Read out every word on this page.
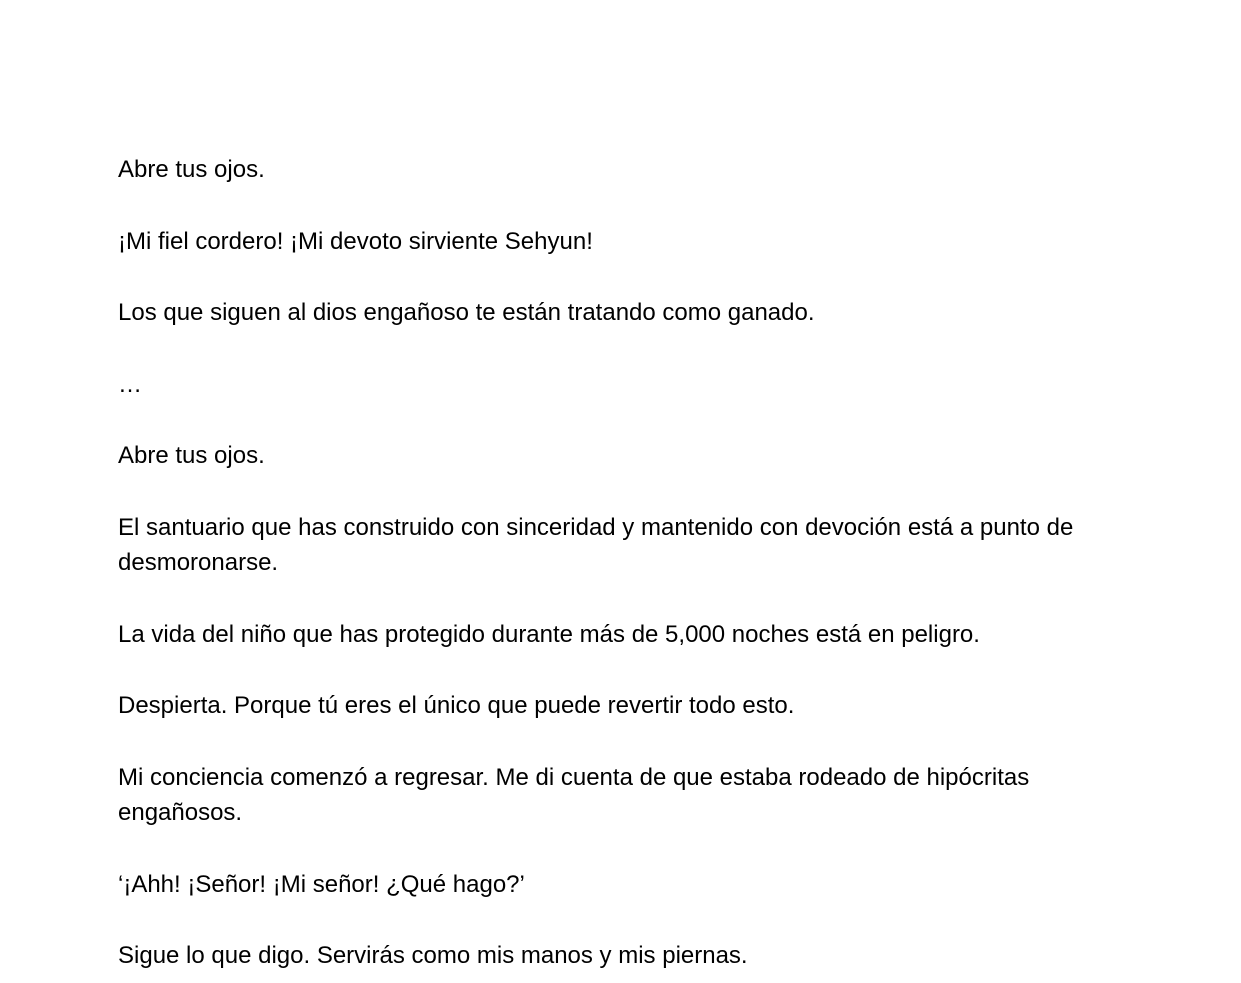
Abre tus ojos.

¡Mi fiel cordero! ¡Mi devoto sirviente Sehyun!

Los que siguen al dios engañoso te están tratando como ganado.

…

Abre tus ojos.

El santuario que has construido con sinceridad y mantenido con devoción está a punto de desmoronarse.

La vida del niño que has protegido durante más de 5,000 noches está en peligro.

Despierta. Porque tú eres el único que puede revertir todo esto.

Mi conciencia comenzó a regresar. Me di cuenta de que estaba rodeado de hipócritas engañosos.

‘¡Ahh! ¡Señor! ¡Mi señor! ¿Qué hago?’

Sigue lo que digo. Servirás como mis manos y mis piernas.
